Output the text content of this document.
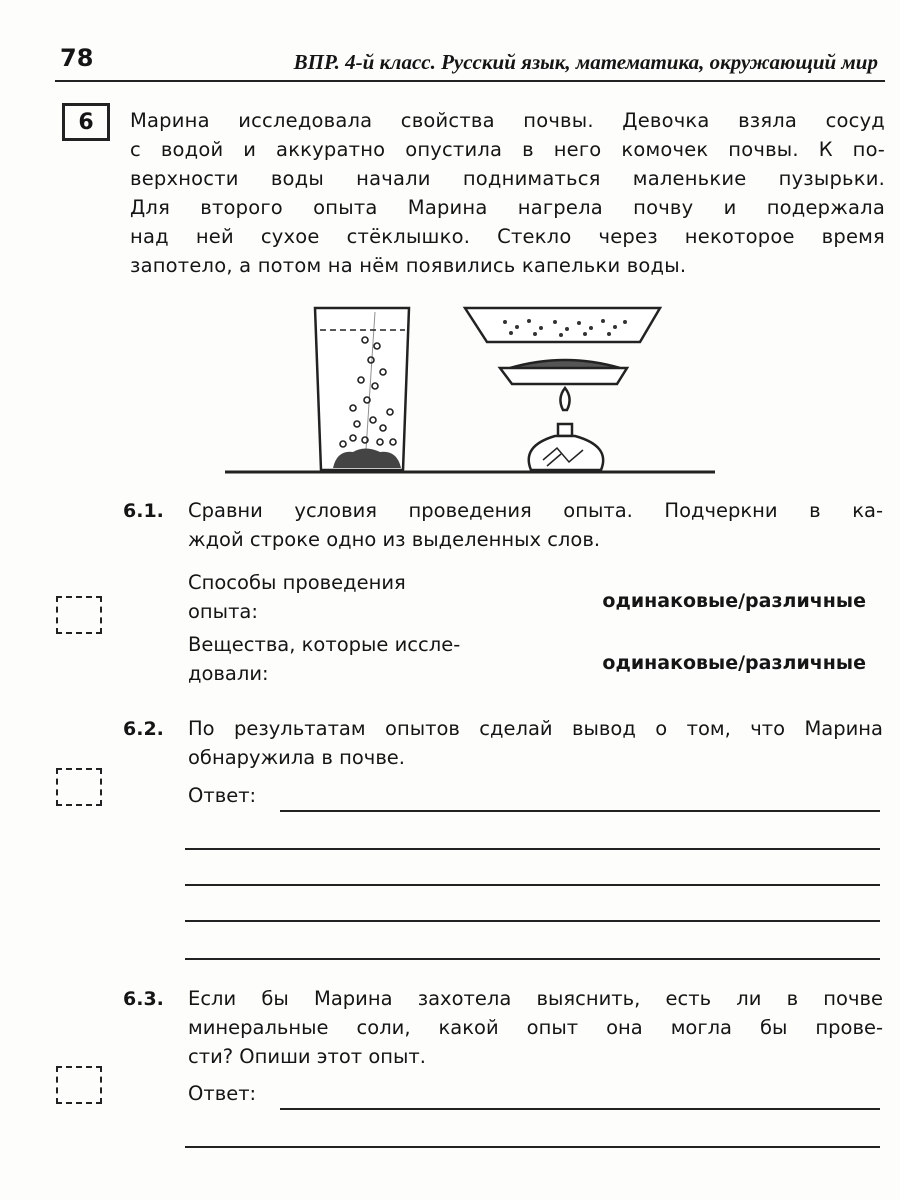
78	ВПР. 4-й класс. Русский язык, математика, окружающий мир
6	Марина исследовала свойства почвы. Девочка взяла сосуд
с водой и аккуратно опустила в него комочек почвы. К по-
верхности воды начали подниматься маленькие пузырьки.
Для второго опыта Марина нагрела почву и подержала
над ней сухое стёклышко. Стекло через некоторое время
запотело, а потом на нём появились капельки воды.

6.1. Сравни условия проведения опыта. Подчеркни в ка-
ждой строке одно из выделенных слов.
Способы проведения
опыта:	одинаковые/различные
Вещества, которые иссле-
довали:	одинаковые/различные
6.2. По результатам опытов сделай вывод о том, что Марина
обнаружила в почве.
Ответ:
6.3. Если бы Марина захотела выяснить, есть ли в почве
минеральные соли, какой опыт она могла бы прове-
сти? Опиши этот опыт.
Ответ:
